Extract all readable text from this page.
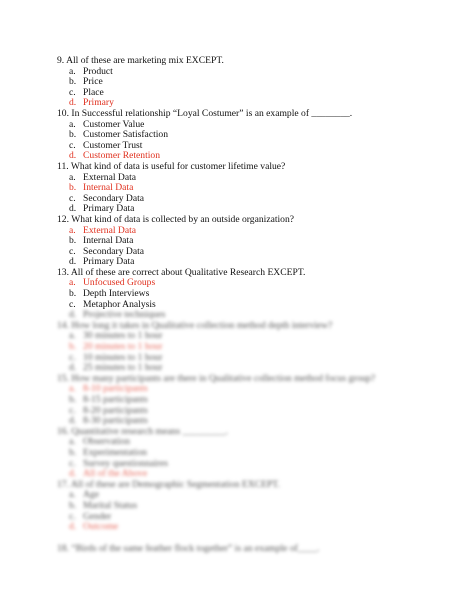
9. All of these are marketing mix EXCEPT.
a. Product
b. Price
c. Place
d. Primary
10. In Successful relationship “Loyal Costumer” is an example of ________.
a. Customer Value
b. Customer Satisfaction
c. Customer Trust
d. Customer Retention
11. What kind of data is useful for customer lifetime value?
a. External Data
b. Internal Data
c. Secondary Data
d. Primary Data
12. What kind of data is collected by an outside organization?
a. External Data
b. Internal Data
c. Secondary Data
d. Primary Data
13. All of these are correct about Qualitative Research EXCEPT.
a. Unfocused Groups
b. Depth Interviews
c. Metaphor Analysis
d. Projective techniques
14. How long it takes in Qualitative collection method depth interview?
a. 30 minutes to 1 hour
b. 20 minutes to 1 hour
c. 10 minutes to 1 hour
d. 25 minutes to 1 hour
15. How many participants are there in Qualitative collection method focus group?
a. 8-10 participants
b. 8-15 participants
c. 8-20 participants
d. 8-30 participants
16. Quantitative research means _________.
a. Observation
b. Experimentation
c. Survey questionnaires
d. All of the Above
17. All of these are Demographic Segmentation EXCEPT.
a. Age
b. Marital Status
c. Gender
d. Outcome
18. “Birds of the same feather flock together” is an example of____.
